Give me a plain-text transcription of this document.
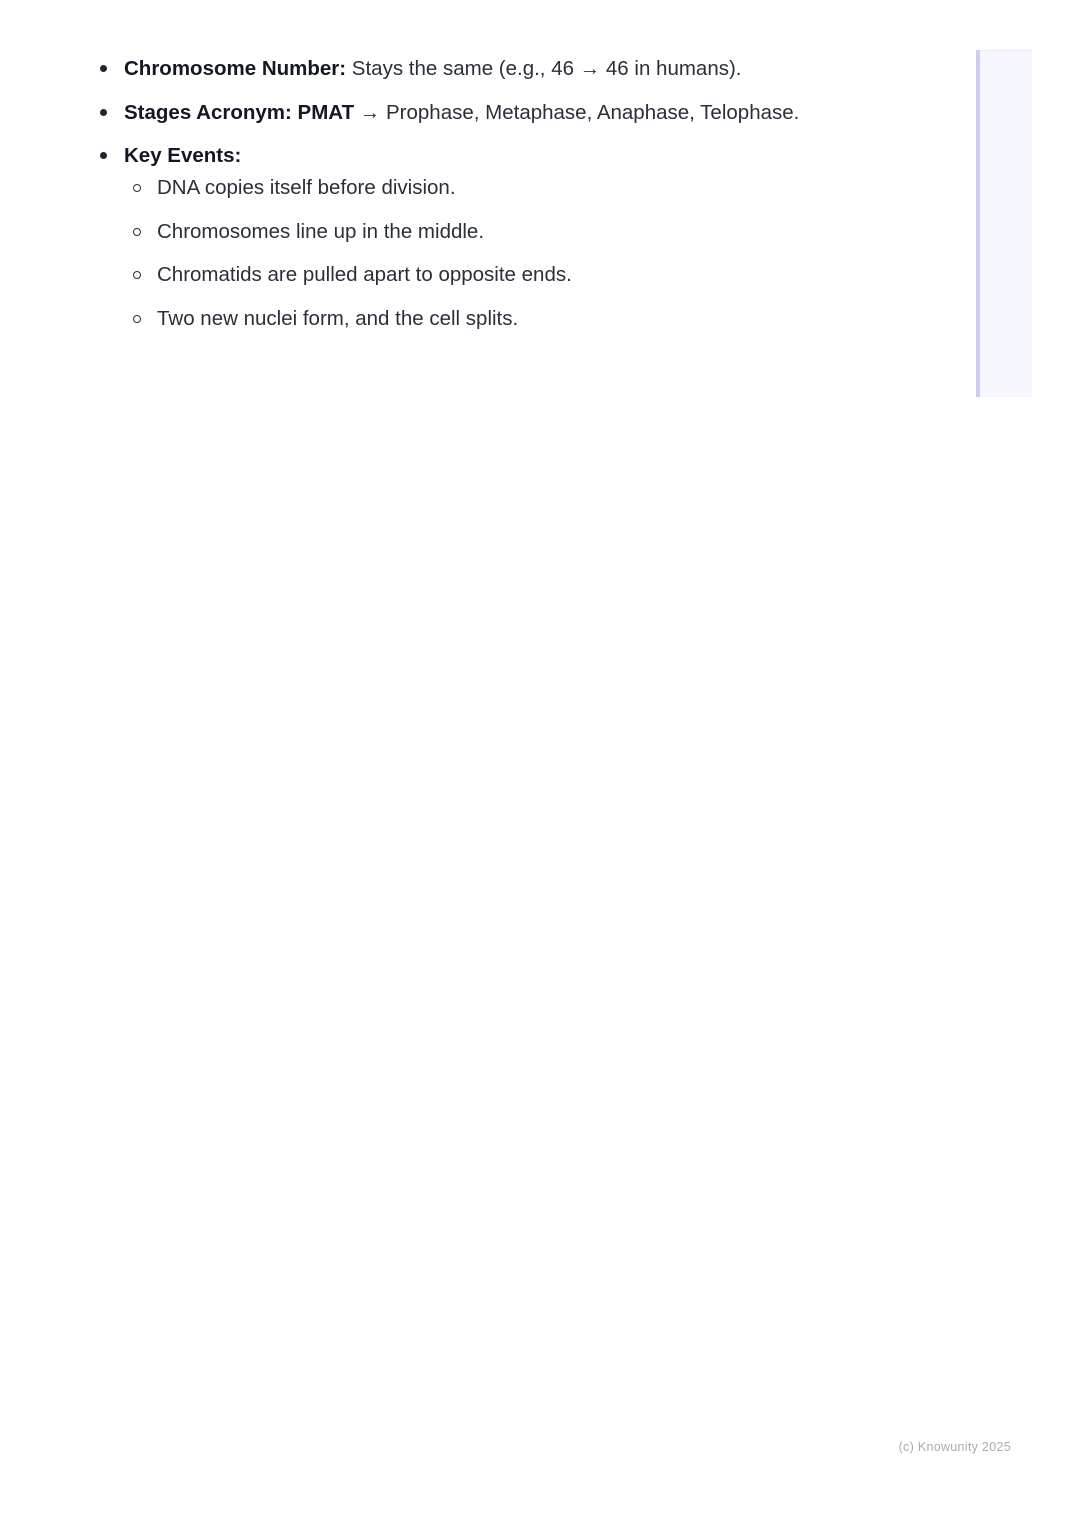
Chromosome Number: Stays the same (e.g., 46 → 46 in humans).
Stages Acronym: PMAT → Prophase, Metaphase, Anaphase, Telophase.
Key Events:
DNA copies itself before division.
Chromosomes line up in the middle.
Chromatids are pulled apart to opposite ends.
Two new nuclei form, and the cell splits.
(c) Knowunity 2025
